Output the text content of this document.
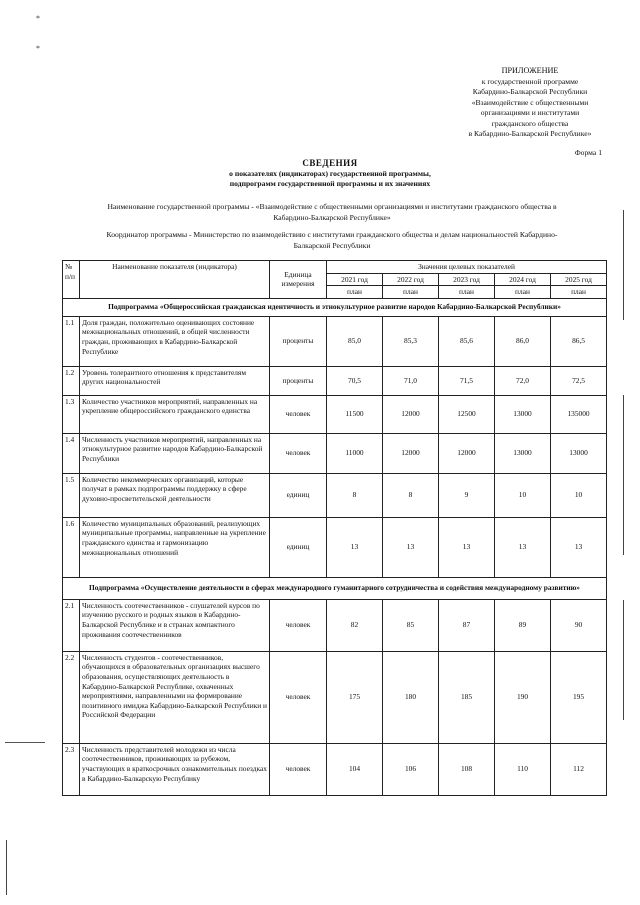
*
*
ПРИЛОЖЕНИЕ
к государственной программе
Кабардино-Балкарской Республики
«Взаимодействие с общественными
организациями и институтами
гражданского общества
в Кабардино-Балкарской Республике»
Форма 1
СВЕДЕНИЯ
о показателях (индикаторах) государственной программы,
подпрограмм государственной программы и их значениях
Наименование государственной программы - «Взаимодействие с общественными организациями и институтами гражданского общества в
Кабардино-Балкарской Республике»
Координатор программы - Министерство по взаимодействию с институтами гражданского общества и делам национальностей Кабардино-
Балкарской Республики
№ п/п	Наименование показателя (индикатора)	Единица измерения	Значения целевых показателей				
			2021 год	2022 год	2023 год	2024 год	2025 год
			план	план	план	план	план
Подпрограмма «Общероссийская гражданская идентичность и этнокультурное развитие народов Кабардино-Балкарской Республики»							
1.1	Доля граждан, положительно оценивающих состояние межнациональных отношений, в общей численности граждан, проживающих в Кабардино-Балкарской Республике	проценты	85,0	85,3	85,6	86,0	86,5
1.2	Уровень толерантного отношения к представителям других национальностей	проценты	70,5	71,0	71,5	72,0	72,5
1.3	Количество участников мероприятий, направленных на укрепление общероссийского гражданского единства	человек	11500	12000	12500	13000	135000
1.4	Численность участников мероприятий, направленных на этнокультурное развитие народов Кабардино-Балкарской Республики	человек	11000	12000	12000	13000	13000
1.5	Количество некоммерческих организаций, которые получат в рамках подпрограммы поддержку в сфере духовно-просветительской деятельности	единиц	8	8	9	10	10
1.6	Количество муниципальных образований, реализующих муниципальные программы, направленные на укрепление гражданского единства и гармонизацию межнациональных отношений	единиц	13	13	13	13	13
Подпрограмма «Осуществление деятельности в сферах международного гуманитарного сотрудничества и содействия международному развитию»							
2.1	Численность соотечественников - слушателей курсов по изучению русского и родных языков в Кабардино-Балкарской Республике и в странах компактного проживания соотечественников	человек	82	85	87	89	90
2.2	Численность студентов - соотечественников, обучающихся в образовательных организациях высшего образования, осуществляющих деятельность в Кабардино-Балкарской Республике, охваченных мероприятиями, направленными на формирование позитивного имиджа Кабардино-Балкарской Республики и Российской Федерации	человек	175	180	185	190	195
2.3	Численность представителей молодежи из числа соотечественников, проживающих за рубежом, участвующих в краткосрочных ознакомительных поездках в Кабардино-Балкарскую Республику	человек	104	106	108	110	112
